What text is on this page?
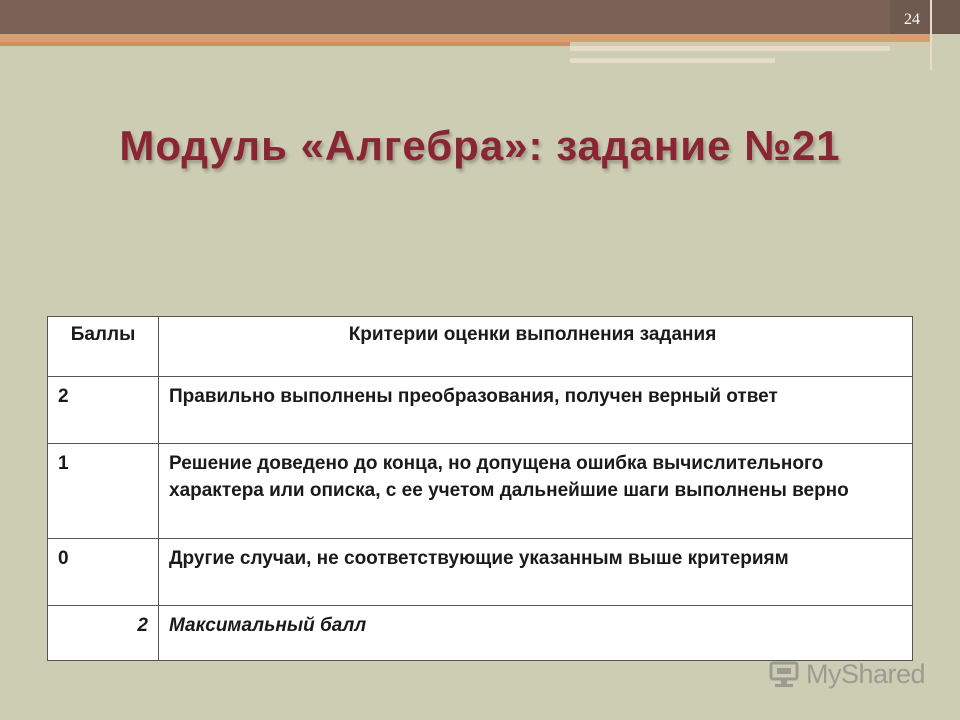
24
Модуль «Алгебра»: задание №21
Баллы	Критерии оценки выполнения задания
2	Правильно выполнены преобразования, получен верный ответ
1	Решение доведено до конца, но допущена ошибка вычислительного характера или описка, с ее учетом дальнейшие шаги выполнены верно
0	Другие случаи, не соответствующие указанным выше критериям
2	Максимальный балл
MyShared
